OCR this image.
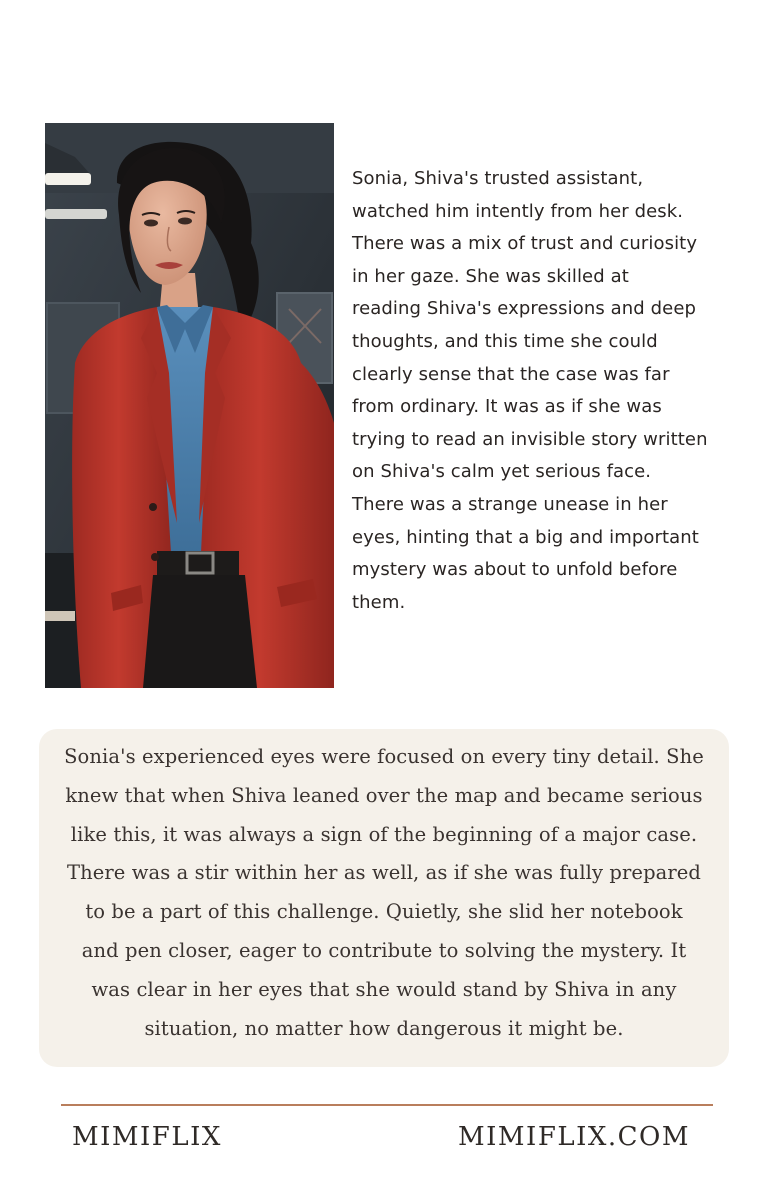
Sonia, Shiva's trusted assistant,
watched him intently from her desk.
There was a mix of trust and curiosity
in her gaze. She was skilled at
reading Shiva's expressions and deep
thoughts, and this time she could
clearly sense that the case was far
from ordinary. It was as if she was
trying to read an invisible story written
on Shiva's calm yet serious face.
There was a strange unease in her
eyes, hinting that a big and important
mystery was about to unfold before
them.
Sonia's experienced eyes were focused on every tiny detail. She
knew that when Shiva leaned over the map and became serious
like this, it was always a sign of the beginning of a major case.
There was a stir within her as well, as if she was fully prepared
to be a part of this challenge. Quietly, she slid her notebook
and pen closer, eager to contribute to solving the mystery. It
was clear in her eyes that she would stand by Shiva in any
situation, no matter how dangerous it might be.
MIMIFLIX	MIMIFLIX.COM
